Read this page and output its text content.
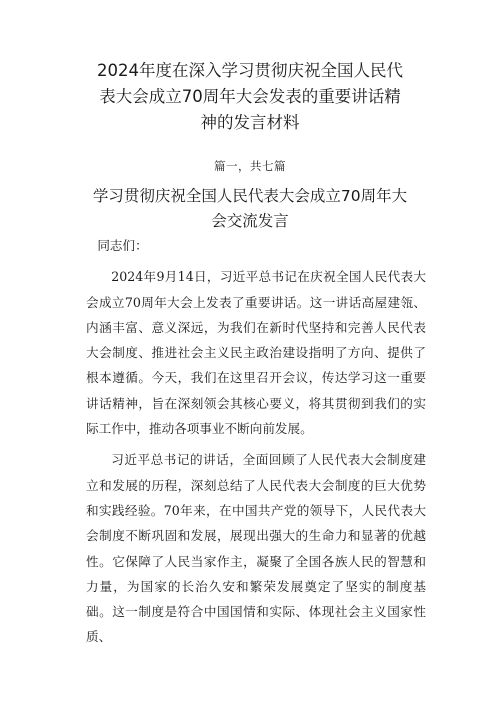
2024年度在深入学习贯彻庆祝全国人民代
表大会成立70周年大会发表的重要讲话精
神的发言材料
篇一，共七篇
学习贯彻庆祝全国人民代表大会成立70周年大
会交流发言

同志们：

2024年9月14日，习近平总书记在庆祝全国人民代表大会成立70周年大会上发表了重要讲话。这一讲话高屋建瓴、内涵丰富、意义深远，为我们在新时代坚持和完善人民代表大会制度、推进社会主义民主政治建设指明了方向、提供了根本遵循。今天，我们在这里召开会议，传达学习这一重要讲话精神，旨在深刻领会其核心要义，将其贯彻到我们的实际工作中，推动各项事业不断向前发展。

习近平总书记的讲话，全面回顾了人民代表大会制度建立和发展的历程，深刻总结了人民代表大会制度的巨大优势和实践经验。70年来，在中国共产党的领导下，人民代表大会制度不断巩固和发展，展现出强大的生命力和显著的优越性。它保障了人民当家作主，凝聚了全国各族人民的智慧和力量，为国家的长治久安和繁荣发展奠定了坚实的制度基础。这一制度是符合中国国情和实际、体现社会主义国家性质、
